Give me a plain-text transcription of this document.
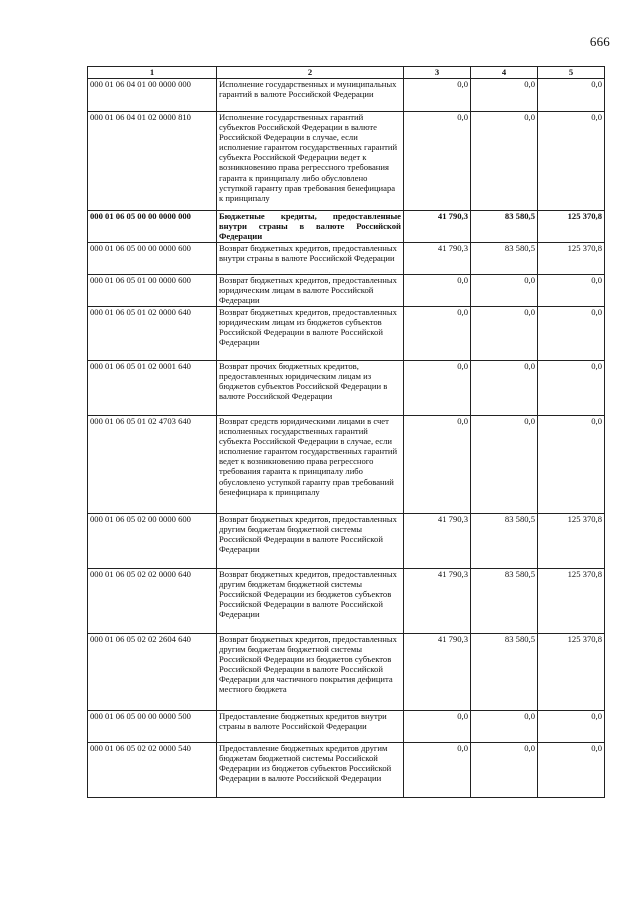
666
1	2	3	4	5
000 01 06 04 01 00 0000 000	Исполнение государственных и муниципальных гарантий в валюте Российской Федерации	0,0	0,0	0,0
000 01 06 04 01 02 0000 810	Исполнение государственных гарантий субъектов Российской Федерации в валюте Российской Федерации в случае, если исполнение гарантом государственных гарантий субъекта Российской Федерации ведет к возникновению права регрессного требования гаранта к принципалу либо обусловлено уступкой гаранту прав требования бенефициара к принципалу	0,0	0,0	0,0
000 01 06 05 00 00 0000 000	Бюджетные кредиты, предоставленные внутри страны в валюте Российской Федерации	41 790,3	83 580,5	125 370,8
000 01 06 05 00 00 0000 600	Возврат бюджетных кредитов, предоставленных внутри страны в валюте Российской Федерации	41 790,3	83 580,5	125 370,8
000 01 06 05 01 00 0000 600	Возврат бюджетных кредитов, предоставленных юридическим лицам в валюте Российской Федерации	0,0	0,0	0,0
000 01 06 05 01 02 0000 640	Возврат бюджетных кредитов, предоставленных юридическим лицам из бюджетов субъектов Российской Федерации в валюте Российской Федерации	0,0	0,0	0,0
000 01 06 05 01 02 0001 640	Возврат прочих бюджетных кредитов, предоставленных юридическим лицам из бюджетов субъектов Российской Федерации в валюте Российской Федерации	0,0	0,0	0,0
000 01 06 05 01 02 4703 640	Возврат средств юридическими лицами в счет исполненных государственных гарантий субъекта Российской Федерации в случае, если исполнение гарантом государственных гарантий ведет к возникновению права регрессного требования гаранта к принципалу либо обусловлено уступкой гаранту прав требований бенефициара к принципалу	0,0	0,0	0,0
000 01 06 05 02 00 0000 600	Возврат бюджетных кредитов, предоставленных другим бюджетам бюджетной системы Российской Федерации в валюте Российской Федерации	41 790,3	83 580,5	125 370,8
000 01 06 05 02 02 0000 640	Возврат бюджетных кредитов, предоставленных другим бюджетам бюджетной системы Российской Федерации из бюджетов субъектов Российской Федерации в валюте Российской Федерации	41 790,3	83 580,5	125 370,8
000 01 06 05 02 02 2604 640	Возврат бюджетных кредитов, предоставленных другим бюджетам бюджетной системы Российской Федерации из бюджетов субъектов Российской Федерации в валюте Российской Федерации для частичного покрытия дефицита местного бюджета	41 790,3	83 580,5	125 370,8
000 01 06 05 00 00 0000 500	Предоставление бюджетных кредитов внутри страны в валюте Российской Федерации	0,0	0,0	0,0
000 01 06 05 02 02 0000 540	Предоставление бюджетных кредитов другим бюджетам бюджетной системы Российской Федерации из бюджетов субъектов Российской Федерации в валюте Российской Федерации	0,0	0,0	0,0
